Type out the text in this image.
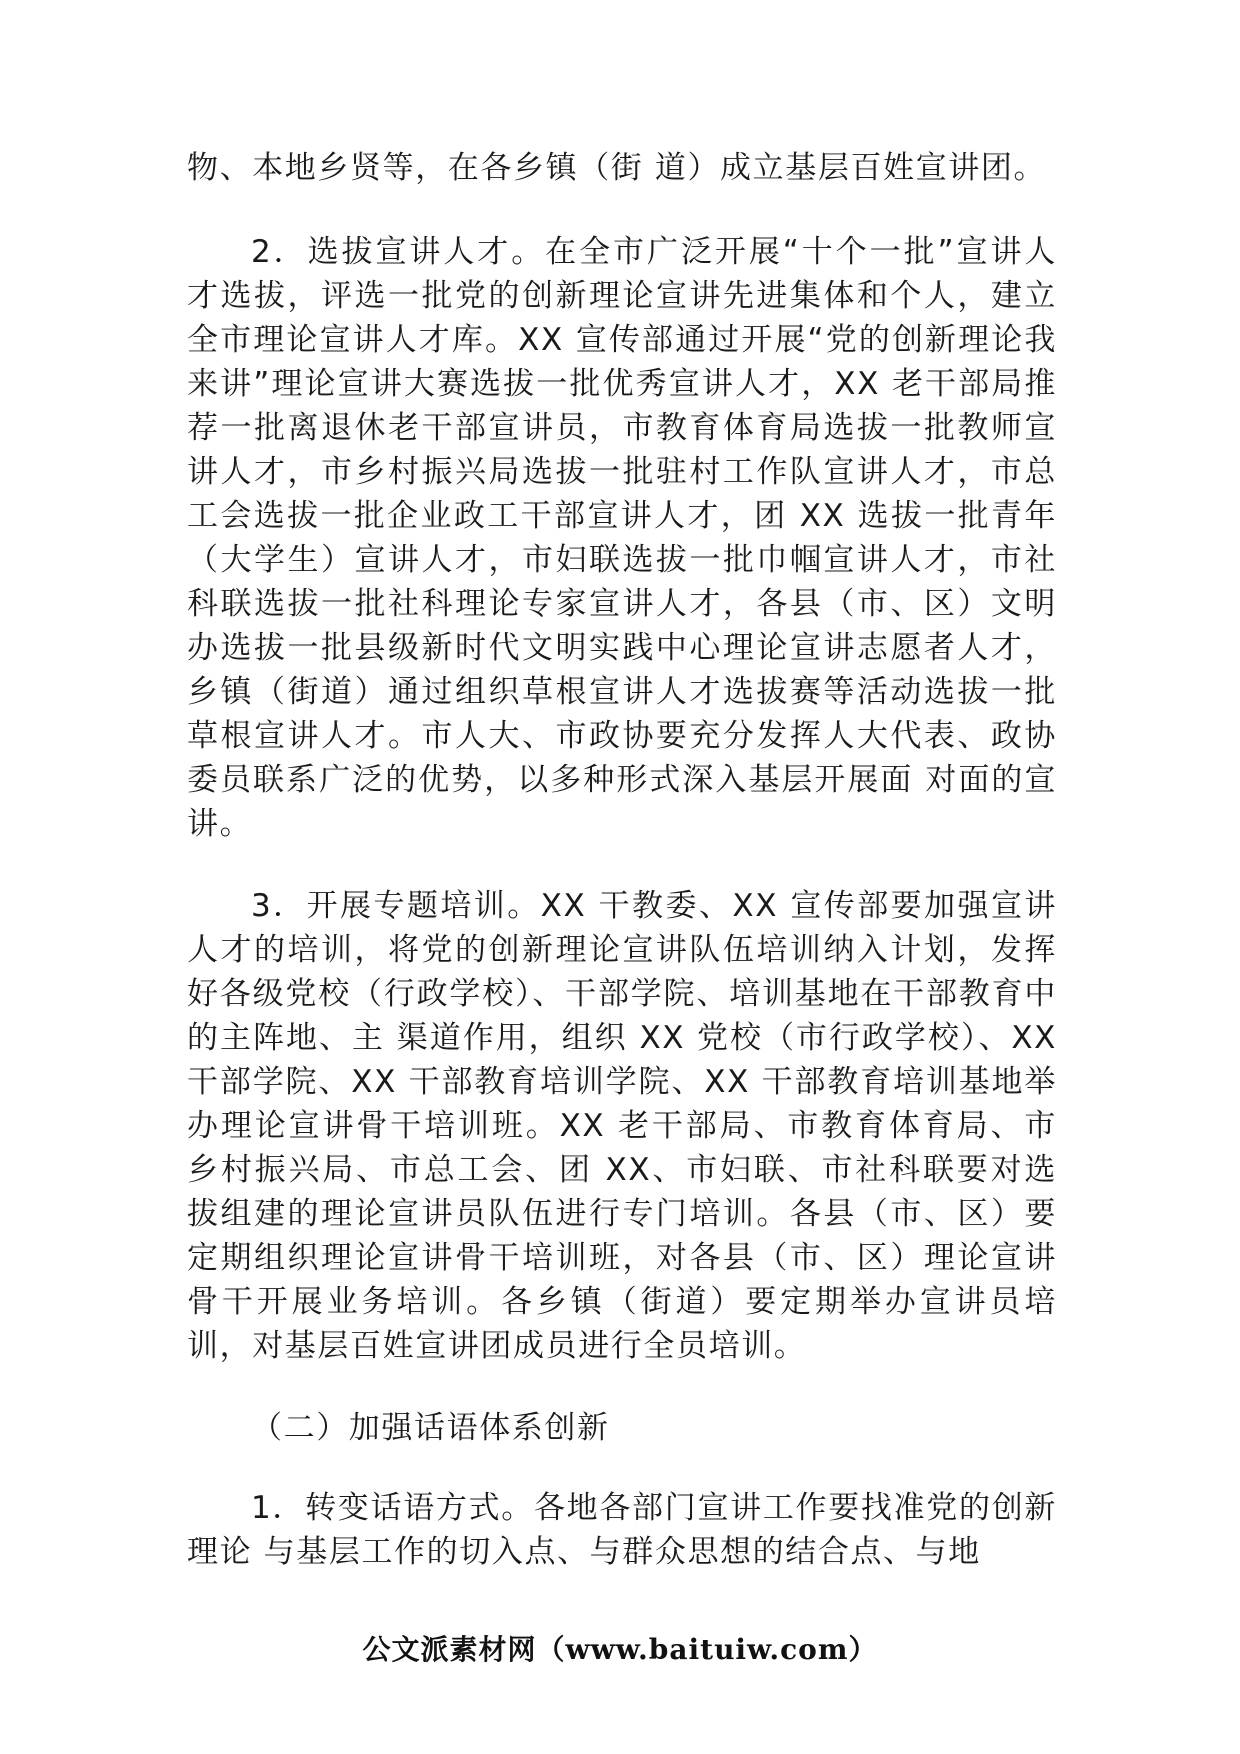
物、本地乡贤等，在各乡镇（街 道）成立基层百姓宣讲团。

2．选拔宣讲人才。在全市广泛开展“十个一批”宣讲人才选拔，评选一批党的创新理论宣讲先进集体和个人，建立全市理论宣讲人才库。XX 宣传部通过开展“党的创新理论我来讲”理论宣讲大赛选拔一批优秀宣讲人才，XX 老干部局推荐一批离退休老干部宣讲员，市教育体育局选拔一批教师宣讲人才，市乡村振兴局选拔一批驻村工作队宣讲人才，市总工会选拔一批企业政工干部宣讲人才，团 XX 选拔一批青年（大学生）宣讲人才，市妇联选拔一批巾帼宣讲人才，市社科联选拔一批社科理论专家宣讲人才，各县（市、区）文明办选拔一批县级新时代文明实践中心理论宣讲志愿者人才，乡镇（街道）通过组织草根宣讲人才选拔赛等活动选拔一批草根宣讲人才。市人大、市政协要充分发挥人大代表、政协委员联系广泛的优势，以多种形式深入基层开展面 对面的宣讲。

3．开展专题培训。XX 干教委、XX 宣传部要加强宣讲人才的培训，将党的创新理论宣讲队伍培训纳入计划，发挥好各级党校（行政学校）、干部学院、培训基地在干部教育中的主阵地、主 渠道作用，组织 XX 党校（市行政学校）、XX 干部学院、XX 干部教育培训学院、XX 干部教育培训基地举办理论宣讲骨干培训班。XX 老干部局、市教育体育局、市乡村振兴局、市总工会、团 XX、市妇联、市社科联要对选拔组建的理论宣讲员队伍进行专门培训。各县（市、区）要定期组织理论宣讲骨干培训班，对各县（市、区）理论宣讲骨干开展业务培训。各乡镇（街道）要定期举办宣讲员培训，对基层百姓宣讲团成员进行全员培训。

（二）加强话语体系创新

1．转变话语方式。各地各部门宣讲工作要找准党的创新理论 与基层工作的切入点、与群众思想的结合点、与地

公文派素材网（www.baituiw.com）
